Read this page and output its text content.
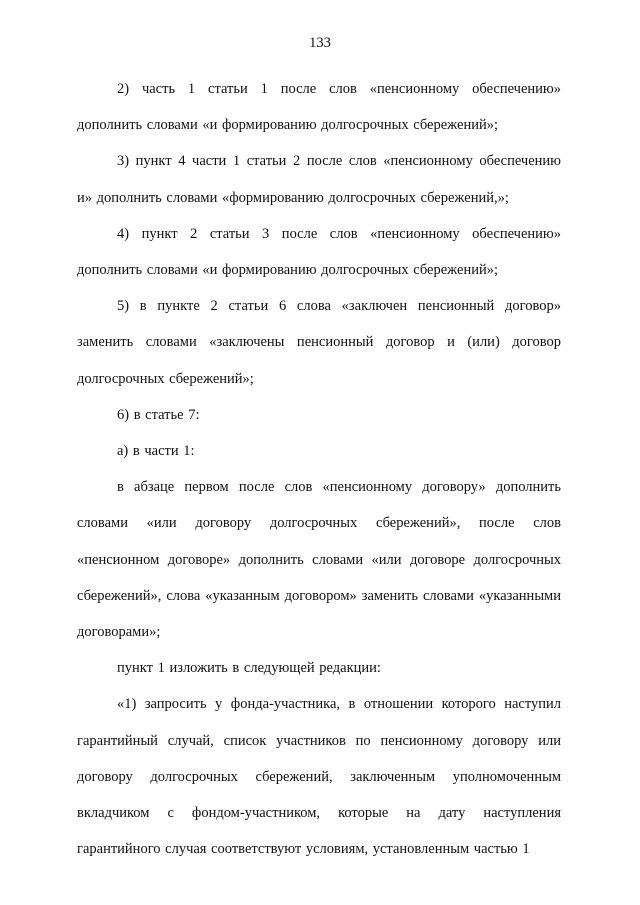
133

2) часть 1 статьи 1 после слов «пенсионному обеспечению» дополнить словами «и формированию долгосрочных сбережений»;

3) пункт 4 части 1 статьи 2 после слов «пенсионному обеспечению и» дополнить словами «формированию долгосрочных сбережений,»;

4) пункт 2 статьи 3 после слов «пенсионному обеспечению» дополнить словами «и формированию долгосрочных сбережений»;

5) в пункте 2 статьи 6 слова «заключен пенсионный договор» заменить словами «заключены пенсионный договор и (или) договор долгосрочных сбережений»;

6) в статье 7:

а) в части 1:

в абзаце первом после слов «пенсионному договору» дополнить словами «или договору долгосрочных сбережений», после слов «пенсионном договоре» дополнить словами «или договоре долгосрочных сбережений», слова «указанным договором» заменить словами «указанными договорами»;

пункт 1 изложить в следующей редакции:

«1) запросить у фонда-участника, в отношении которого наступил гарантийный случай, список участников по пенсионному договору или договору долгосрочных сбережений, заключенным уполномоченным вкладчиком с фондом-участником, которые на дату наступления гарантийного случая соответствуют условиям, установленным частью 1
